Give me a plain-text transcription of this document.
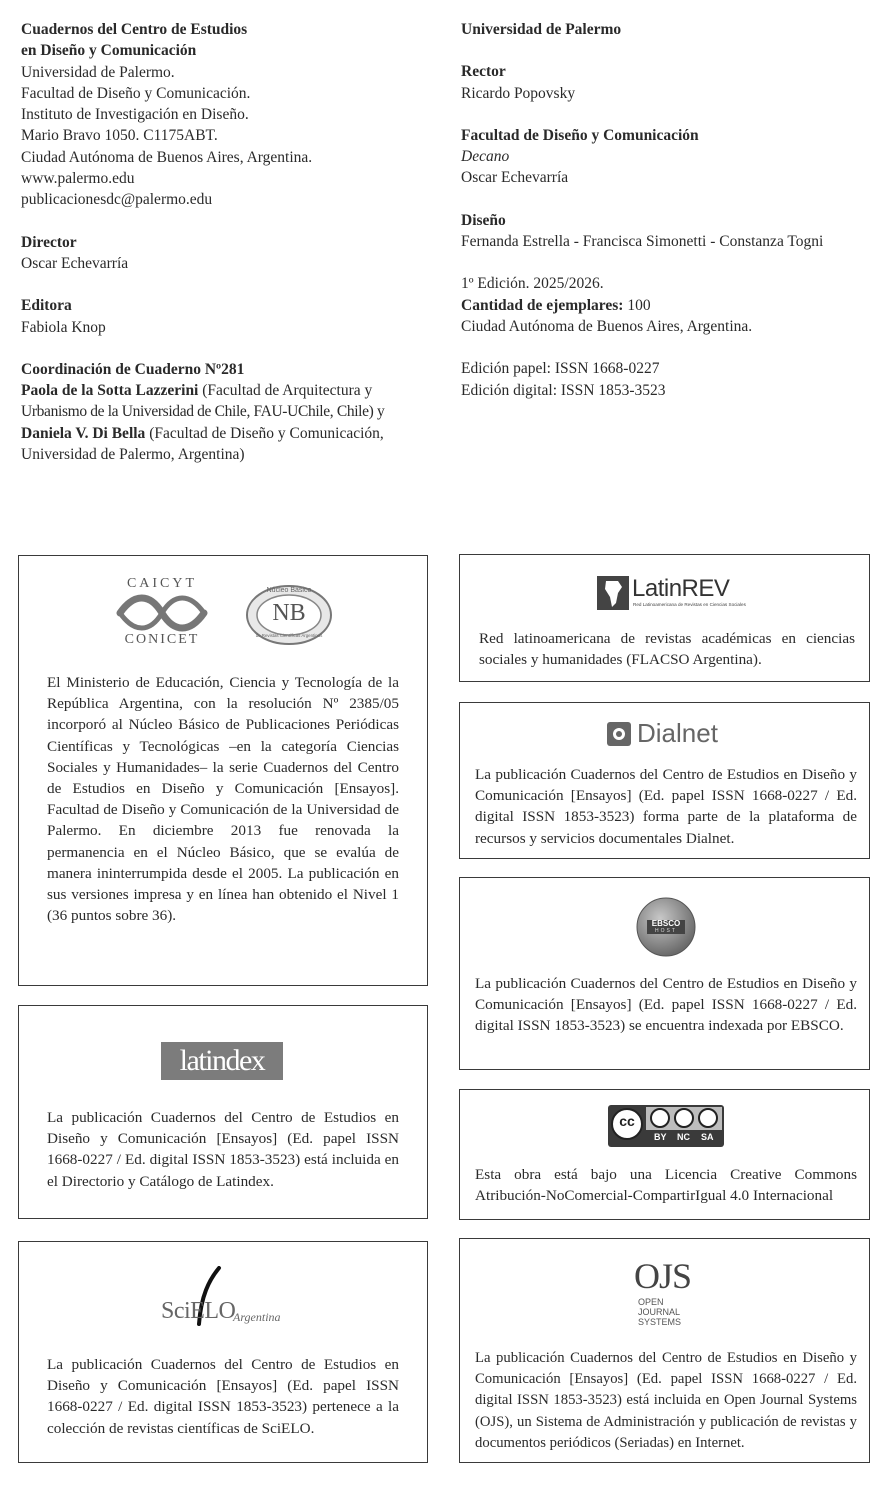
Cuadernos del Centro de Estudios

en Diseño y Comunicación

Universidad de Palermo.

Facultad de Diseño y Comunicación.

Instituto de Investigación en Diseño.

Mario Bravo 1050. C1175ABT.

Ciudad Autónoma de Buenos Aires, Argentina.

www.palermo.edu

publicacionesdc@palermo.edu

Director

Oscar Echevarría

Editora

Fabiola Knop

Coordinación de Cuaderno Nº281

Paola de la Sotta Lazzerini (Facultad de Arquitectura y

Urbanismo de la Universidad de Chile, FAU-UChile, Chile) y

Daniela V. Di Bella (Facultad de Diseño y Comunicación,

Universidad de Palermo, Argentina)

Universidad de Palermo

Rector

Ricardo Popovsky

Facultad de Diseño y Comunicación

Decano

Oscar Echevarría

Diseño

Fernanda Estrella - Francisca Simonetti - Constanza Togni

1º Edición. 2025/2026.

Cantidad de ejemplares: 100

Ciudad Autónoma de Buenos Aires, Argentina.

Edición papel: ISSN 1668-0227

Edición digital: ISSN 1853-3523

CAICYT
CONICET
Núcleo Básico
NB
de Revistas Científicas Argentinas
El Ministerio de Educación, Ciencia y Tecnología de la República Argentina, con la resolución Nº 2385/05 incorporó al Núcleo Básico de Publicaciones Periódicas Científicas y Tecnológicas –en la categoría Ciencias Sociales y Humanidades– la serie Cuadernos del Centro de Estudios en Diseño y Comunicación [Ensayos]. Facultad de Diseño y Comunicación de la Universidad de Palermo. En diciembre 2013 fue renovada la permanencia en el Núcleo Básico, que se evalúa de manera ininterrumpida desde el 2005. La publicación en sus versiones impresa y en línea han obtenido el Nivel 1 (36 puntos sobre 36).
latindex
La publicación Cuadernos del Centro de Estudios en Diseño y Comunicación [Ensayos] (Ed. papel ISSN 1668-0227 / Ed. digital ISSN 1853-3523) está incluida en el Directorio y Catálogo de Latindex.
SciELO
Argentina
La publicación Cuadernos del Centro de Estudios en Diseño y Comunicación [Ensayos] (Ed. papel ISSN 1668-0227 / Ed. digital ISSN 1853-3523) pertenece a la colección de revistas científicas de SciELO.
LatinREV
Red Latinoamericana de Revistas en Ciencias Sociales
Red latinoamericana de revistas académicas en ciencias sociales y humanidades (FLACSO Argentina).
Dialnet
La publicación Cuadernos del Centro de Estudios en Diseño y Comunicación [Ensayos] (Ed. papel ISSN 1668-0227 / Ed. digital ISSN 1853-3523) forma parte de la plataforma de recursos y servicios documentales Dialnet.
EBSCO
HOST
La publicación Cuadernos del Centro de Estudios en Diseño y Comunicación [Ensayos] (Ed. papel ISSN 1668-0227 / Ed. digital ISSN 1853-3523) se encuentra indexada por EBSCO.
cc
BY NC SA
Esta obra está bajo una Licencia Creative Commons Atribución-NoComercial-CompartirIgual 4.0 Internacional
OJS
OPEN
JOURNAL
SYSTEMS
La publicación Cuadernos del Centro de Estudios en Diseño y Comunicación [Ensayos] (Ed. papel ISSN 1668-0227 / Ed. digital ISSN 1853-3523) está incluida en Open Journal Systems (OJS), un Sistema de Administración y publicación de revistas y documentos periódicos (Seriadas) en Internet.
